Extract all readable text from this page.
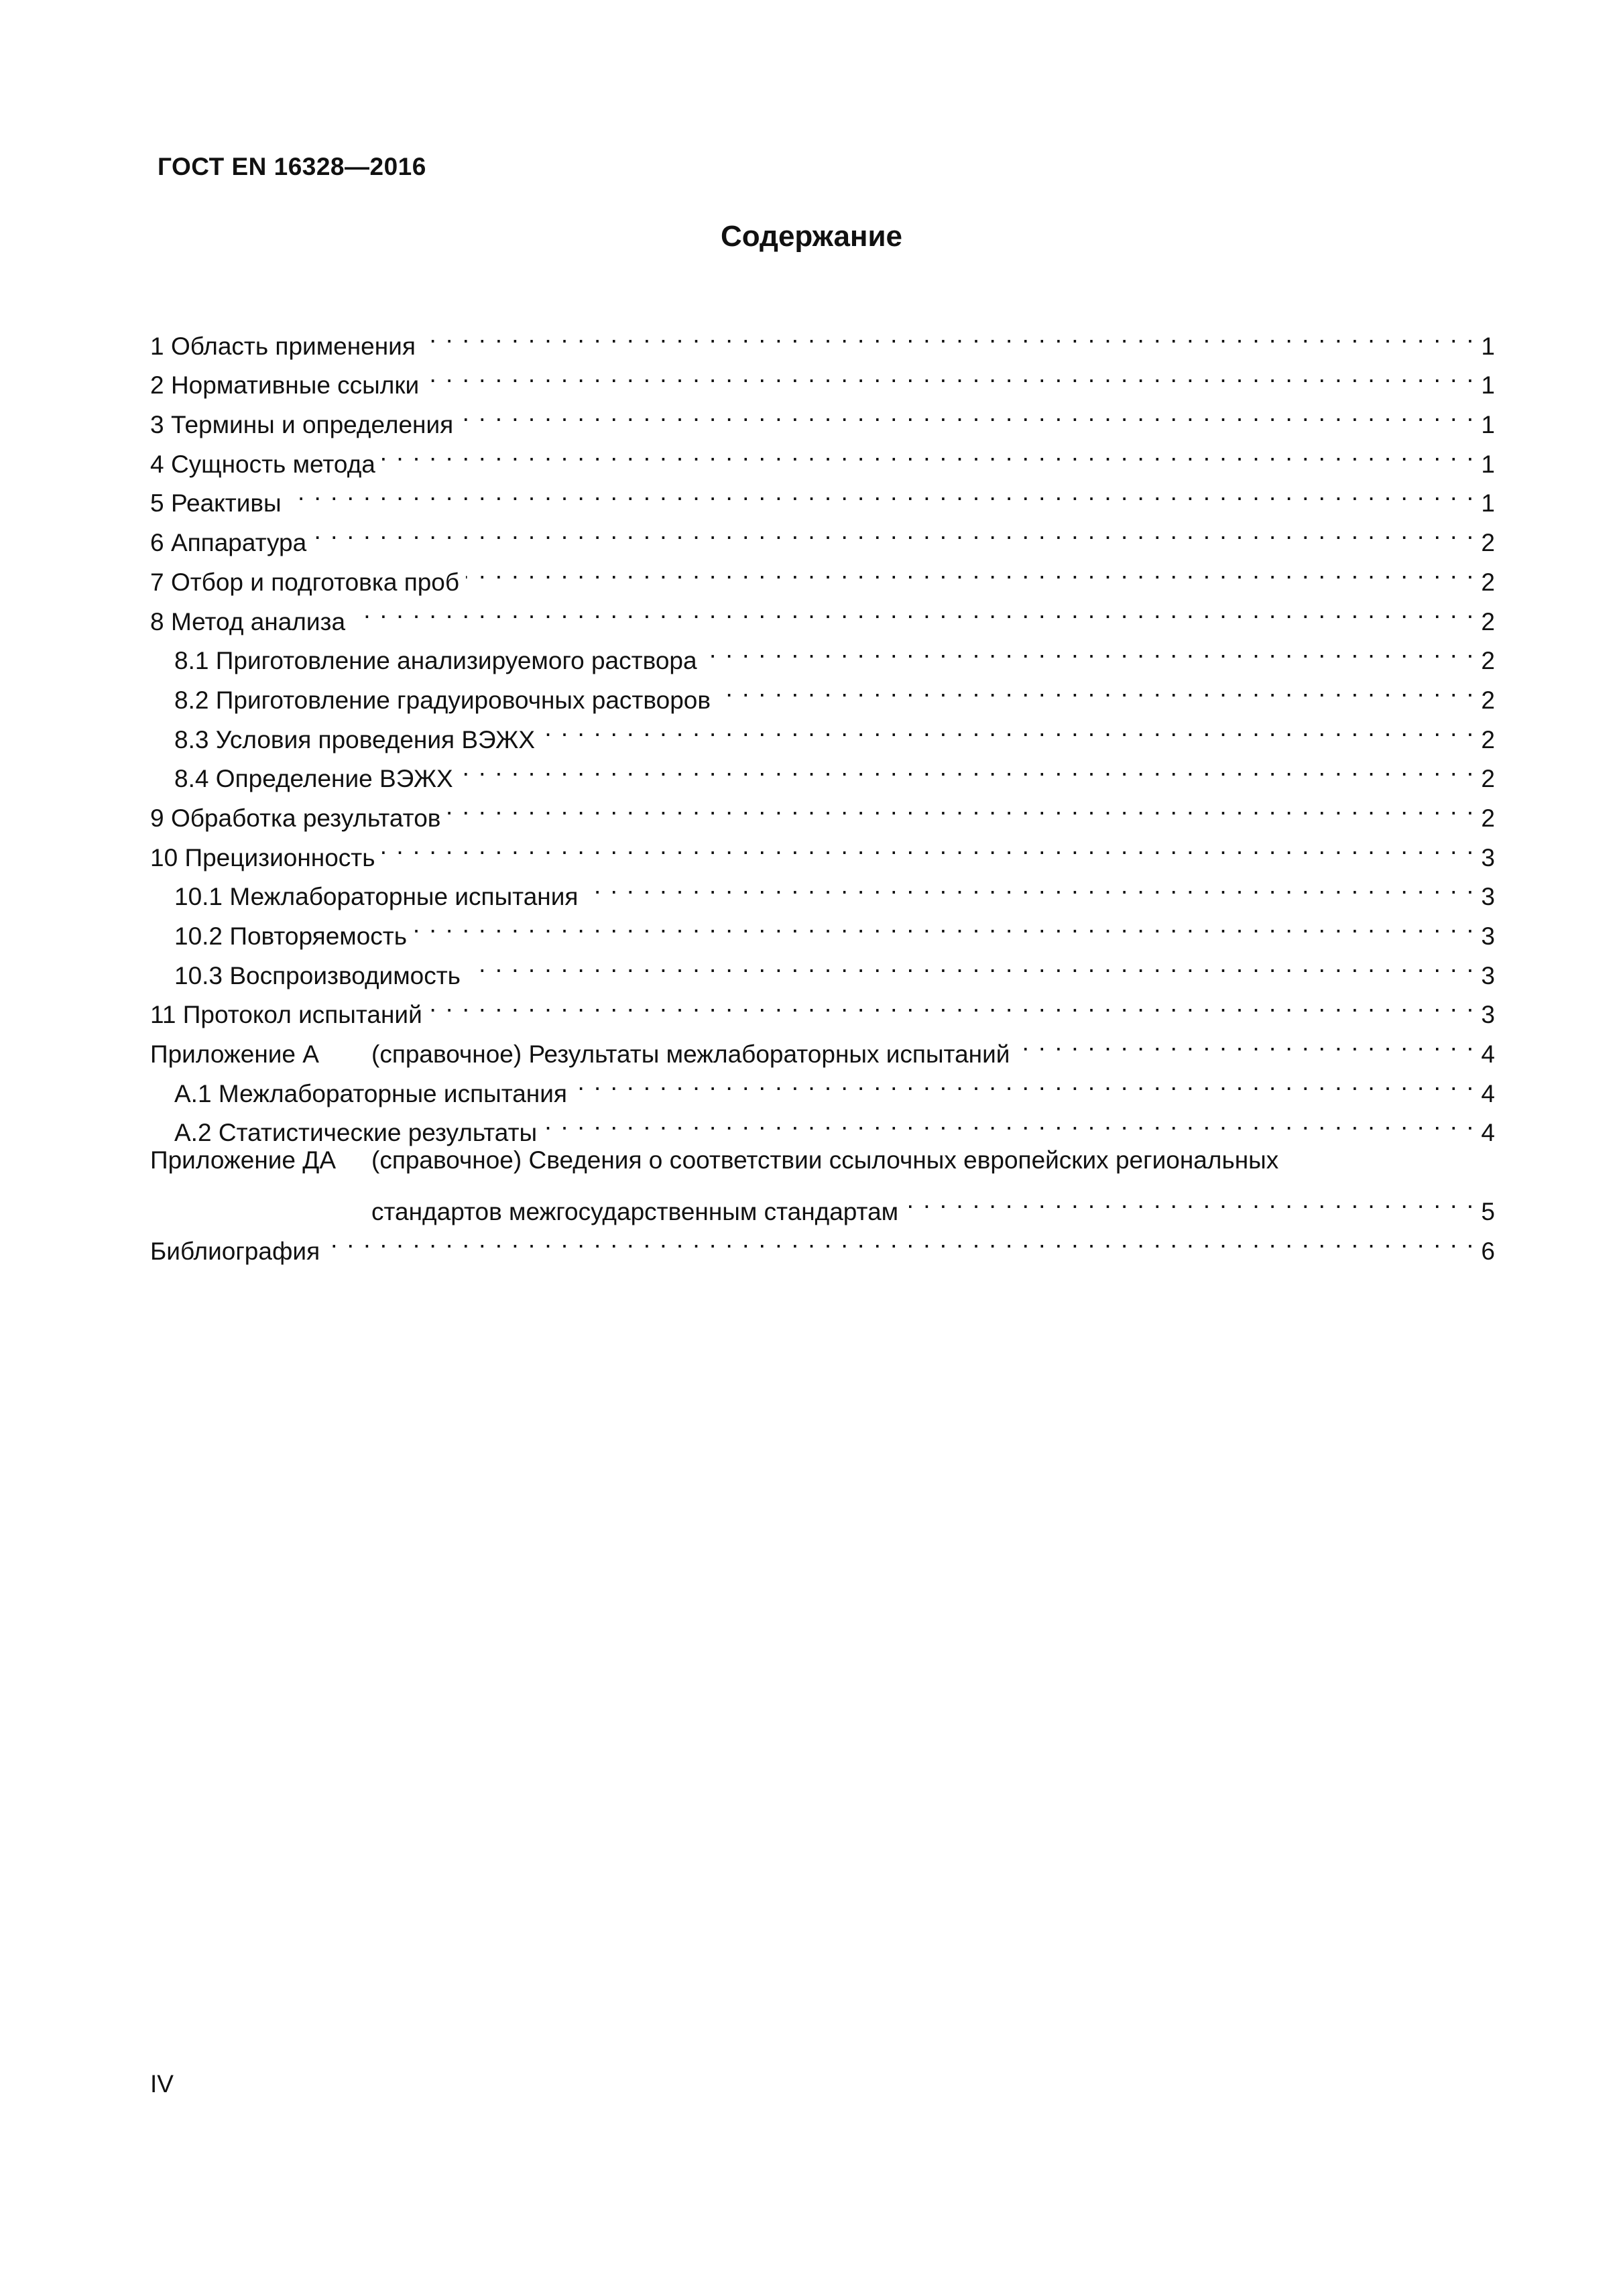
ГОСТ EN 16328—2016
Содержание
1 Область применения . . .	1
2 Нормативные ссылки . . .	1
3 Термины и определения . . .	1
4 Сущность метода . . .	1
5 Реактивы . . .	1
6 Аппаратура . . .	2
7 Отбор и подготовка проб . . .	2
8 Метод анализа . . .	2
8.1 Приготовление анализируемого раствора . . .	2
8.2 Приготовление градуировочных растворов . . .	2
8.3 Условия проведения ВЭЖХ . . .	2
8.4 Определение ВЭЖХ . . .	2
9 Обработка результатов . . .	2
10 Прецизионность . . .	3
10.1 Межлабораторные испытания . . .	3
10.2 Повторяемость . . .	3
10.3 Воспроизводимость . . .	3
11 Протокол испытаний . . .	3
Приложение А	(справочное) Результаты межлабораторных испытаний . . .	4
А.1 Межлабораторные испытания . . .	4
А.2 Статистические результаты . . .	4
Приложение ДА	(справочное) Сведения о соответствии ссылочных европейских региональных
стандартов межгосударственным стандартам . . .	5
Библиография . . .	6
IV
